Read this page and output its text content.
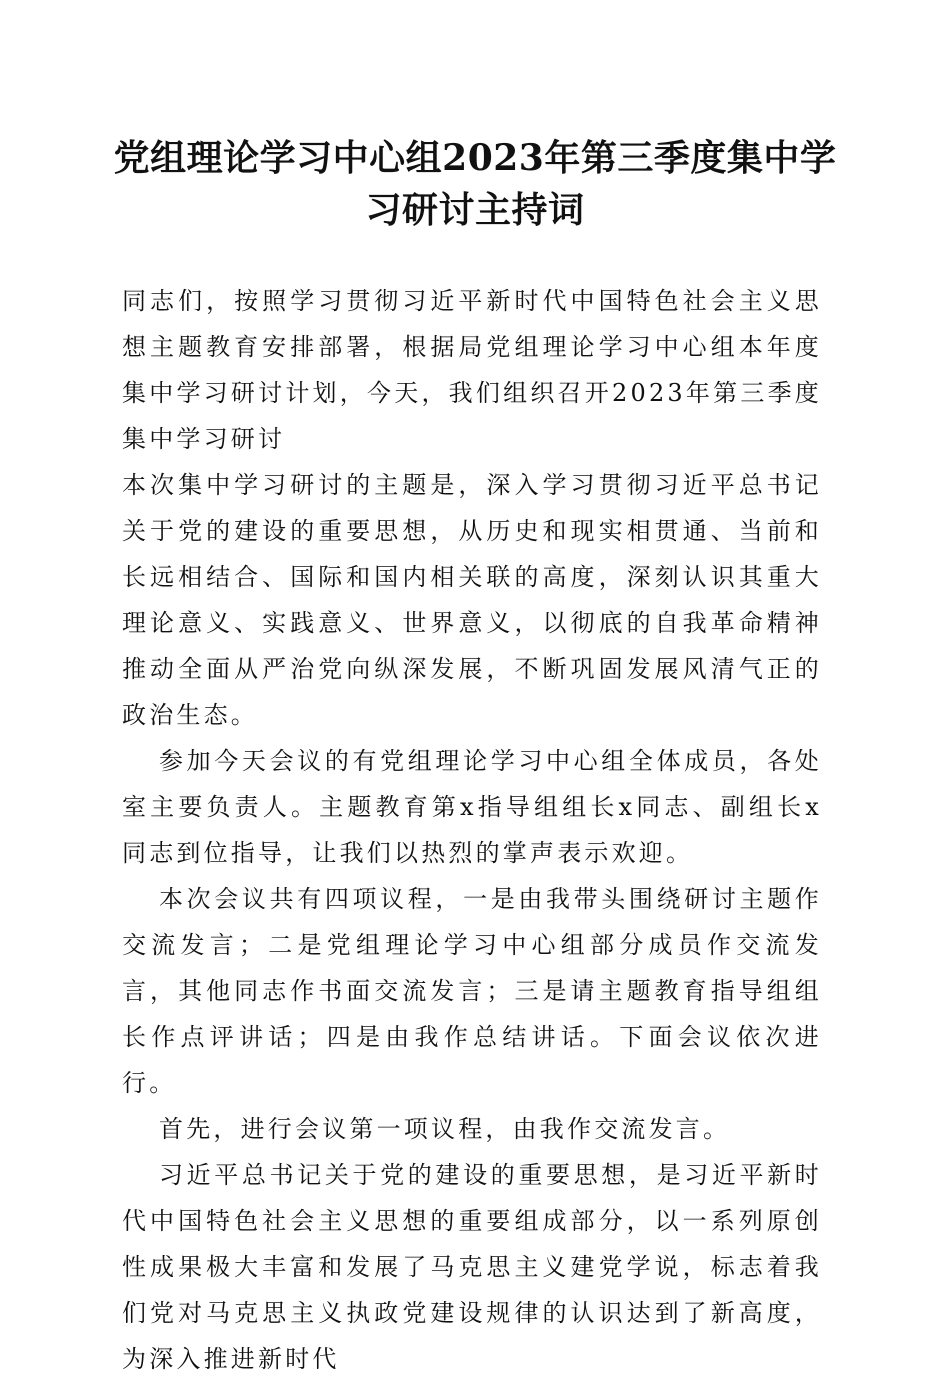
党组理论学习中心组2023年第三季度集中学
习研讨主持词

同志们，按照学习贯彻习近平新时代中国特色社会主义思想主题教育安排部署，根据局党组理论学习中心组本年度集中学习研讨计划，今天，我们组织召开2023年第三季度集中学习研讨

本次集中学习研讨的主题是，深入学习贯彻习近平总书记关于党的建设的重要思想，从历史和现实相贯通、当前和长远相结合、国际和国内相关联的高度，深刻认识其重大理论意义、实践意义、世界意义，以彻底的自我革命精神推动全面从严治党向纵深发展，不断巩固发展风清气正的政治生态。

参加今天会议的有党组理论学习中心组全体成员，各处室主要负责人。主题教育第x指导组组长x同志、副组长x同志到位指导，让我们以热烈的掌声表示欢迎。

本次会议共有四项议程，一是由我带头围绕研讨主题作交流发言；二是党组理论学习中心组部分成员作交流发言，其他同志作书面交流发言；三是请主题教育指导组组长作点评讲话；四是由我作总结讲话。下面会议依次进行。

首先，进行会议第一项议程，由我作交流发言。

习近平总书记关于党的建设的重要思想，是习近平新时代中国特色社会主义思想的重要组成部分，以一系列原创性成果极大丰富和发展了马克思主义建党学说，标志着我们党对马克思主义执政党建设规律的认识达到了新高度，为深入推进新时代
